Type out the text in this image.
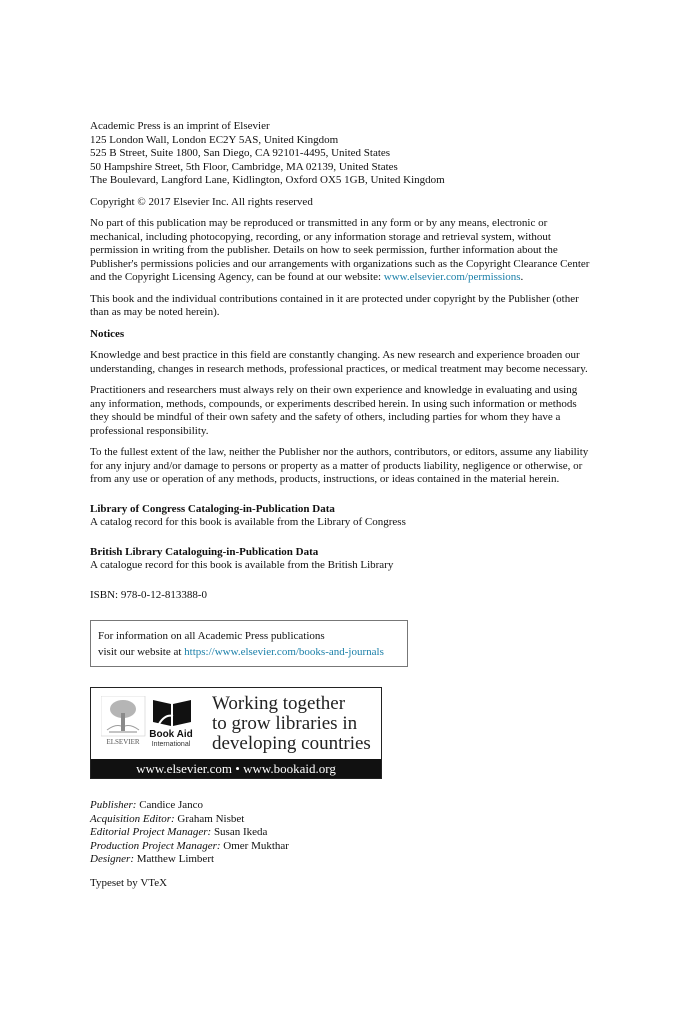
Academic Press is an imprint of Elsevier
125 London Wall, London EC2Y 5AS, United Kingdom
525 B Street, Suite 1800, San Diego, CA 92101-4495, United States
50 Hampshire Street, 5th Floor, Cambridge, MA 02139, United States
The Boulevard, Langford Lane, Kidlington, Oxford OX5 1GB, United Kingdom
Copyright © 2017 Elsevier Inc. All rights reserved
No part of this publication may be reproduced or transmitted in any form or by any means, electronic or mechanical, including photocopying, recording, or any information storage and retrieval system, without permission in writing from the publisher. Details on how to seek permission, further information about the Publisher's permissions policies and our arrangements with organizations such as the Copyright Clearance Center and the Copyright Licensing Agency, can be found at our website: www.elsevier.com/permissions.
This book and the individual contributions contained in it are protected under copyright by the Publisher (other than as may be noted herein).
Notices
Knowledge and best practice in this field are constantly changing. As new research and experience broaden our understanding, changes in research methods, professional practices, or medical treatment may become necessary.
Practitioners and researchers must always rely on their own experience and knowledge in evaluating and using any information, methods, compounds, or experiments described herein. In using such information or methods they should be mindful of their own safety and the safety of others, including parties for whom they have a professional responsibility.
To the fullest extent of the law, neither the Publisher nor the authors, contributors, or editors, assume any liability for any injury and/or damage to persons or property as a matter of products liability, negligence or otherwise, or from any use or operation of any methods, products, instructions, or ideas contained in the material herein.
Library of Congress Cataloging-in-Publication Data
A catalog record for this book is available from the Library of Congress
British Library Cataloguing-in-Publication Data
A catalogue record for this book is available from the British Library
ISBN: 978-0-12-813388-0
For information on all Academic Press publications
visit our website at https://www.elsevier.com/books-and-journals
ELSEVIER
Book Aid
International
Working together
to grow libraries in
developing countries
www.elsevier.com • www.bookaid.org
Publisher: Candice Janco
Acquisition Editor: Graham Nisbet
Editorial Project Manager: Susan Ikeda
Production Project Manager: Omer Mukthar
Designer: Matthew Limbert
Typeset by VTeX
